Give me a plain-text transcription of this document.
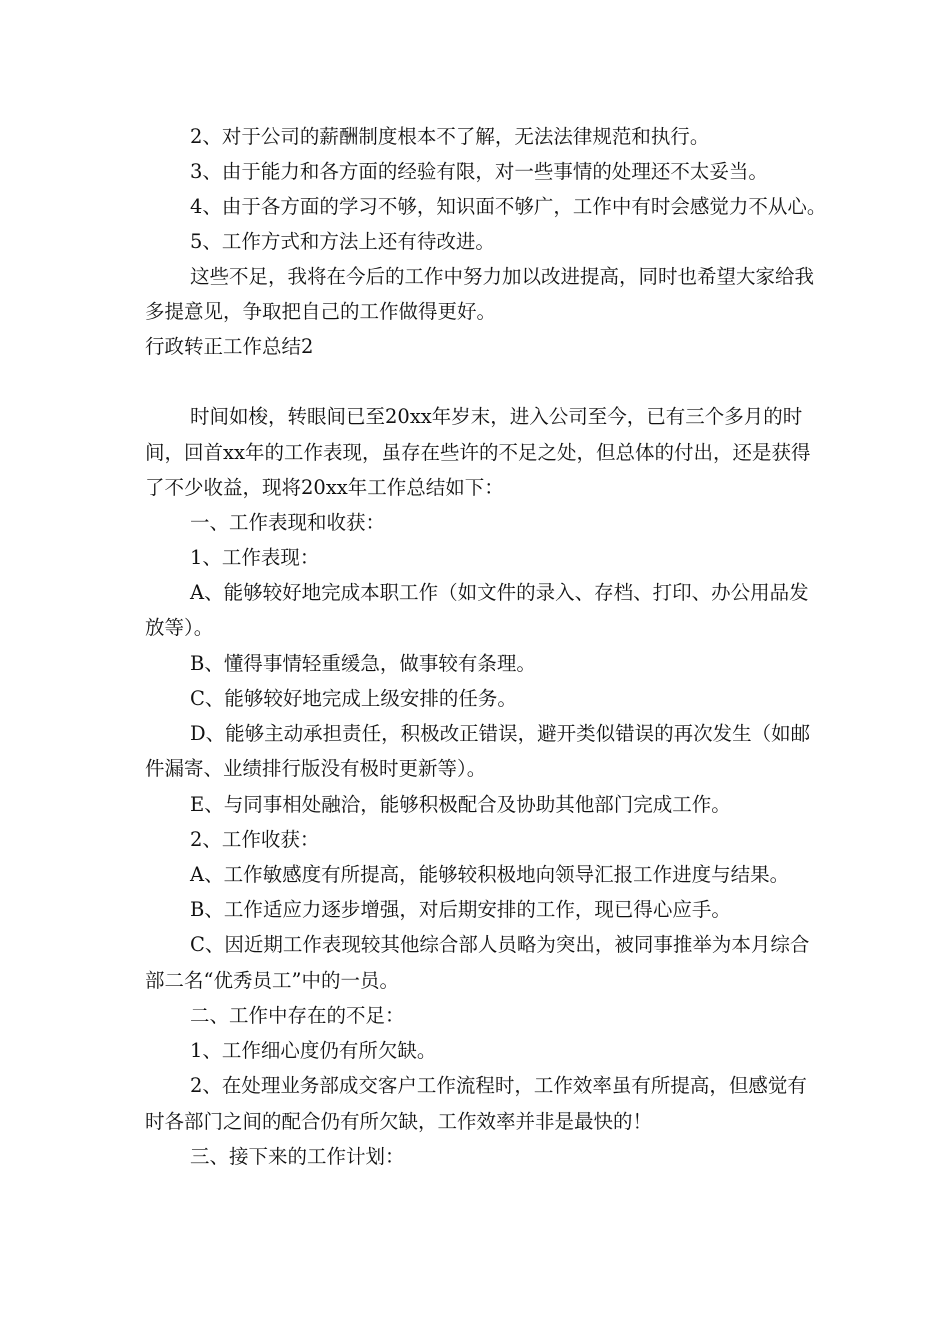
2、对于公司的薪酬制度根本不了解，无法法律规范和执行。
3、由于能力和各方面的经验有限，对一些事情的处理还不太妥当。
4、由于各方面的学习不够，知识面不够广，工作中有时会感觉力不从心。
5、工作方式和方法上还有待改进。
这些不足，我将在今后的工作中努力加以改进提高，同时也希望大家给我
多提意见，争取把自己的工作做得更好。
行政转正工作总结2
时间如梭，转眼间已至20xx年岁末，进入公司至今，已有三个多月的时
间，回首xx年的工作表现，虽存在些许的不足之处，但总体的付出，还是获得
了不少收益，现将20xx年工作总结如下：
一、工作表现和收获：
1、工作表现：
A、能够较好地完成本职工作（如文件的录入、存档、打印、办公用品发
放等）。
B、懂得事情轻重缓急，做事较有条理。
C、能够较好地完成上级安排的任务。
D、能够主动承担责任，积极改正错误，避开类似错误的再次发生（如邮
件漏寄、业绩排行版没有极时更新等）。
E、与同事相处融洽，能够积极配合及协助其他部门完成工作。
2、工作收获：
A、工作敏感度有所提高，能够较积极地向领导汇报工作进度与结果。
B、工作适应力逐步增强，对后期安排的工作，现已得心应手。
C、因近期工作表现较其他综合部人员略为突出，被同事推举为本月综合
部二名“优秀员工”中的一员。
二、工作中存在的不足：
1、工作细心度仍有所欠缺。
2、在处理业务部成交客户工作流程时，工作效率虽有所提高，但感觉有
时各部门之间的配合仍有所欠缺，工作效率并非是最快的！
三、接下来的工作计划：
